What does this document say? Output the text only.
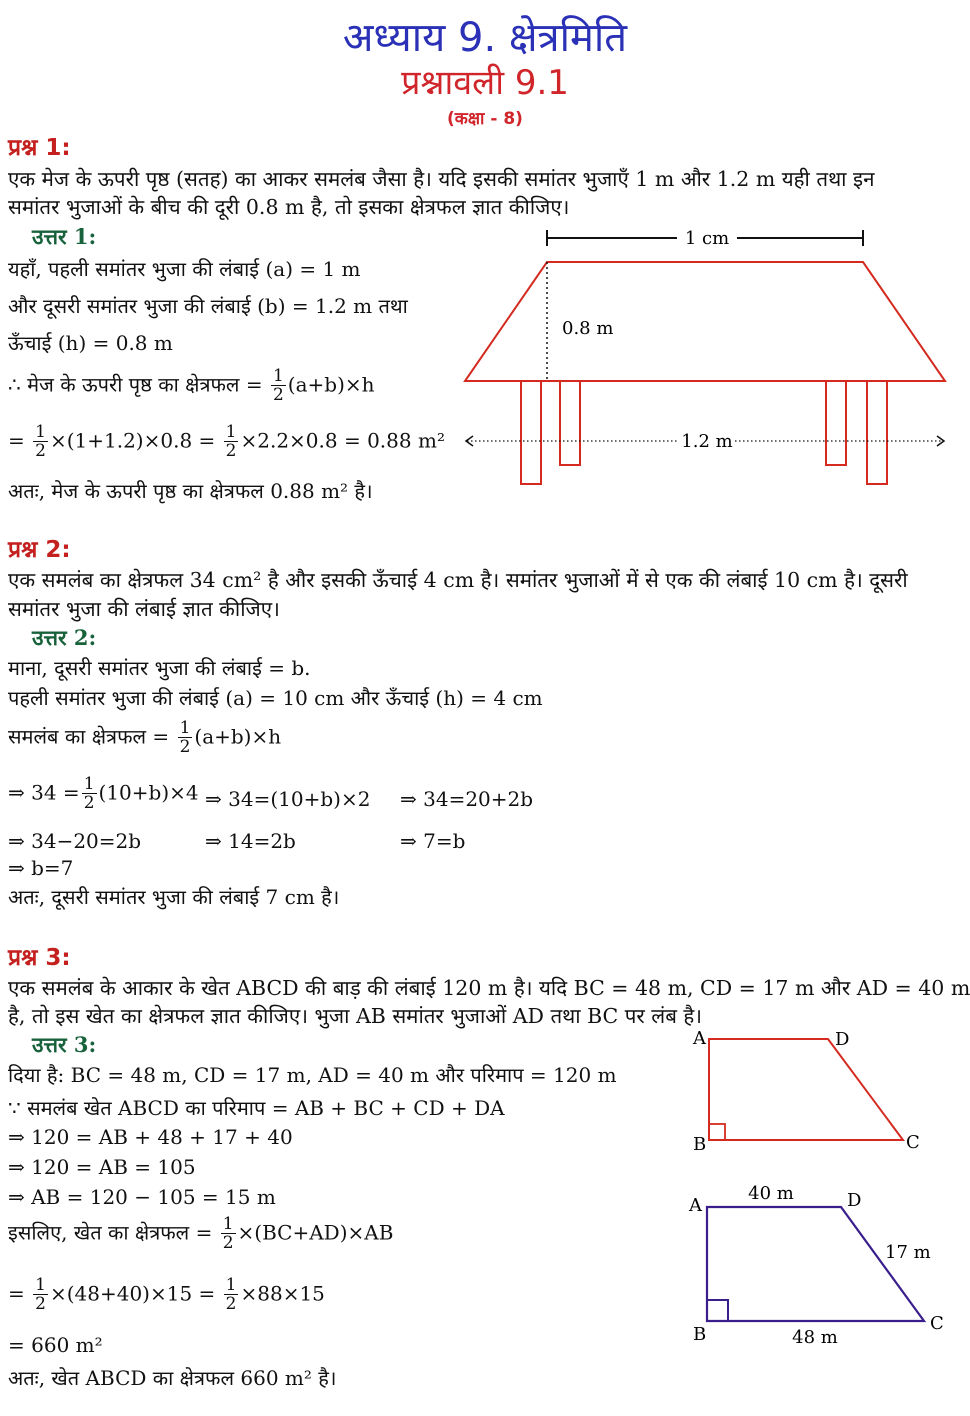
अध्याय 9. क्षेत्रमिति
प्रश्नावली 9.1
(कक्षा - 8)
प्रश्न 1:
एक मेज के ऊपरी पृष्ठ (सतह) का आकर समलंब जैसा है। यदि इसकी समांतर भुजाएँ 1 m और 1.2 m यही तथा इन
समांतर भुजाओं के बीच की दूरी 0.8 m है, तो इसका क्षेत्रफल ज्ञात कीजिए।
उत्तर 1:
यहाँ, पहली समांतर भुजा की लंबाई (a) = 1 m
और दूसरी समांतर भुजा की लंबाई (b) = 1.2 m तथा
ऊँचाई (h) = 0.8 m
∴ मेज के ऊपरी पृष्ठ का क्षेत्रफल = $\frac{1}{2} (a+b)\times h$
= $\frac{1}{2} \times(1+1.2)\times 0.8 = \frac{1}{2} \times 2.2\times 0.8 = 0.88$ m²
अतः, मेज के ऊपरी पृष्ठ का क्षेत्रफल 0.88 m² है।
1 cm
0.8 m
1.2 m
प्रश्न 2:
एक समलंब का क्षेत्रफल 34 cm² है और इसकी ऊँचाई 4 cm है। समांतर भुजाओं में से एक की लंबाई 10 cm है। दूसरी
समांतर भुजा की लंबाई ज्ञात कीजिए।
उत्तर 2:
माना, दूसरी समांतर भुजा की लंबाई = b.
पहली समांतर भुजा की लंबाई (a) = 10 cm और ऊँचाई (h) = 4 cm
समलंब का क्षेत्रफल = $\frac{1}{2} (a+b)\times h$
⇒ $34 = \frac{1}{2} (10+b)\times 4$ ⇒ 34=(10+b)×2 ⇒ 34=20+2b
⇒ 34−20=2b	⇒ 14=2b	⇒ 7=b
⇒ b=7
अतः, दूसरी समांतर भुजा की लंबाई 7 cm है।
प्रश्न 3:
एक समलंब के आकार के खेत ABCD की बाड़ की लंबाई 120 m है। यदि BC = 48 m, CD = 17 m और AD = 40 m
है, तो इस खेत का क्षेत्रफल ज्ञात कीजिए। भुजा AB समांतर भुजाओं AD तथा BC पर लंब है।
उत्तर 3:
दिया है: BC = 48 m, CD = 17 m, AD = 40 m और परिमाप = 120 m
∵ समलंब खेत ABCD का परिमाप = AB + BC + CD + DA
⇒ 120 = AB + 48 + 17 + 40
⇒ 120 = AB = 105
⇒ AB = 120 − 105 = 15 m
इसलिए, खेत का क्षेत्रफल = $\frac{1}{2} \times(BC+AD)\times AB$
= $\frac{1}{2} \times(48+40)\times 15 = \frac{1}{2} \times 88\times 15$
= 660 m²
अतः, खेत ABCD का क्षेत्रफल 660 m² है।
A	D
B	C
A	D
B
C
40 m
17 m
48 m
